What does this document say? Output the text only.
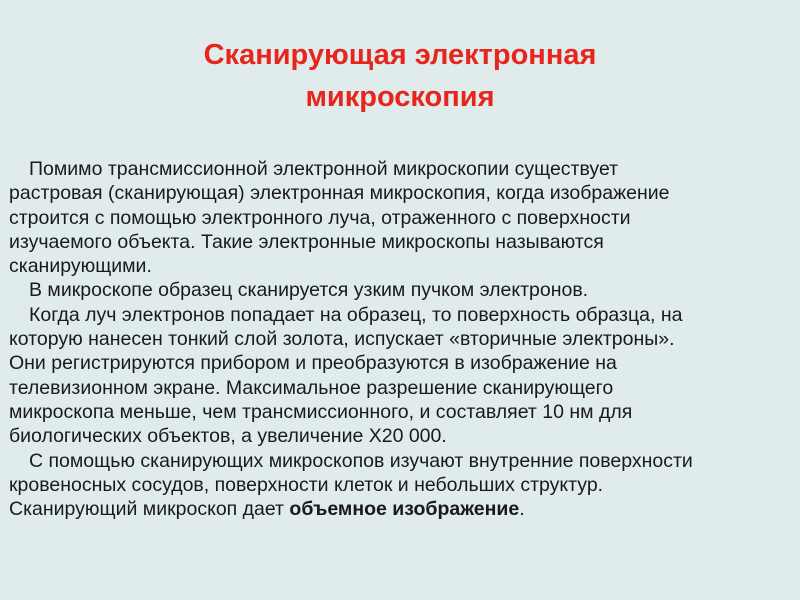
Сканирующая электронная
микроскопия
Помимо трансмиссионной электронной микроскопии существует
растровая (сканирующая) электронная микроскопия, когда изображение
строится с помощью электронного луча, отраженного с поверхности
изучаемого объекта. Такие электронные микроскопы называются
сканирующими.
В микроскопе образец сканируется узким пучком электронов.
Когда луч электронов попадает на образец, то поверхность образца, на
которую нанесен тонкий слой золота, испускает «вторичные электроны».
Они регистрируются прибором и преобразуются в изображение на
телевизионном экране. Максимальное разрешение сканирующего
микроскопа меньше, чем трансмиссионного, и составляет 10 нм для
биологических объектов, а увеличение Х20 000.
С помощью сканирующих микроскопов изучают внутренние поверхности
кровеносных сосудов, поверхности клеток и небольших структур.
Сканирующий микроскоп дает объемное изображение.
